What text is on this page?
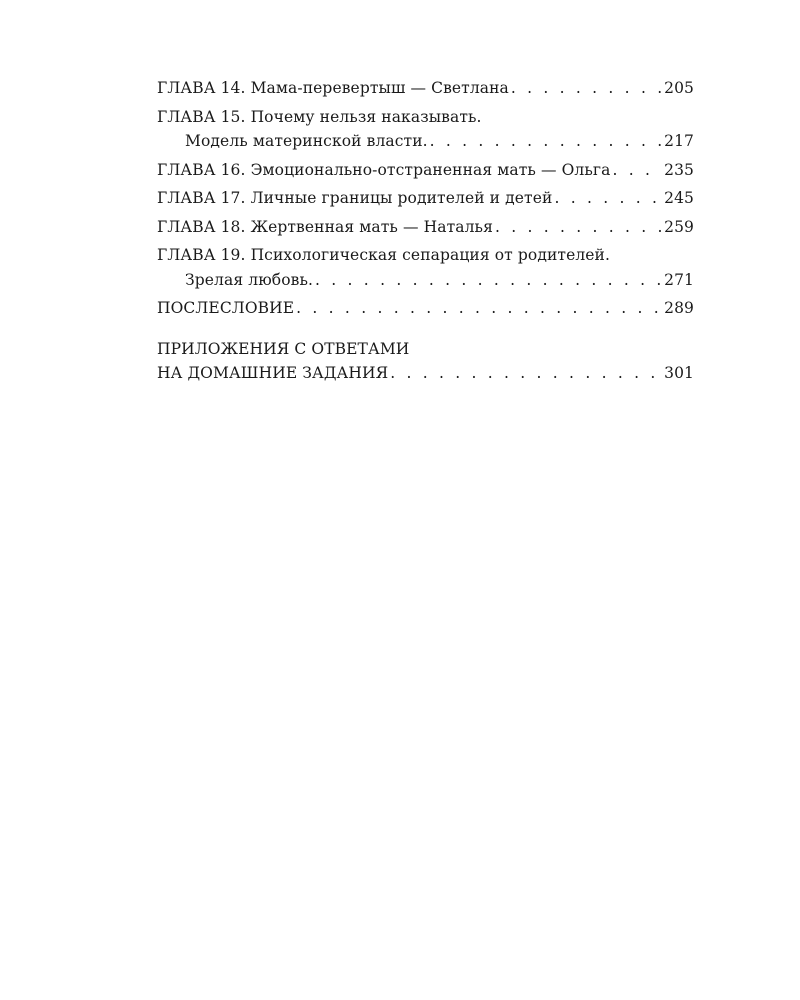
ГЛАВА 14. Мама-перевертыш — Светлана . . .	205
ГЛАВА 15. Почему нельзя наказывать.
Модель материнской власти. . . .	217
ГЛАВА 16. Эмоционально-отстраненная мать — Ольга . . .	235
ГЛАВА 17. Личные границы родителей и детей . . .	245
ГЛАВА 18. Жертвенная мать — Наталья . . .	259
ГЛАВА 19. Психологическая сепарация от родителей.
Зрелая любовь. . . .	271
ПОСЛЕСЛОВИЕ . . .	289
ПРИЛОЖЕНИЯ С ОТВЕТАМИ
НА ДОМАШНИЕ ЗАДАНИЯ . . .	301
